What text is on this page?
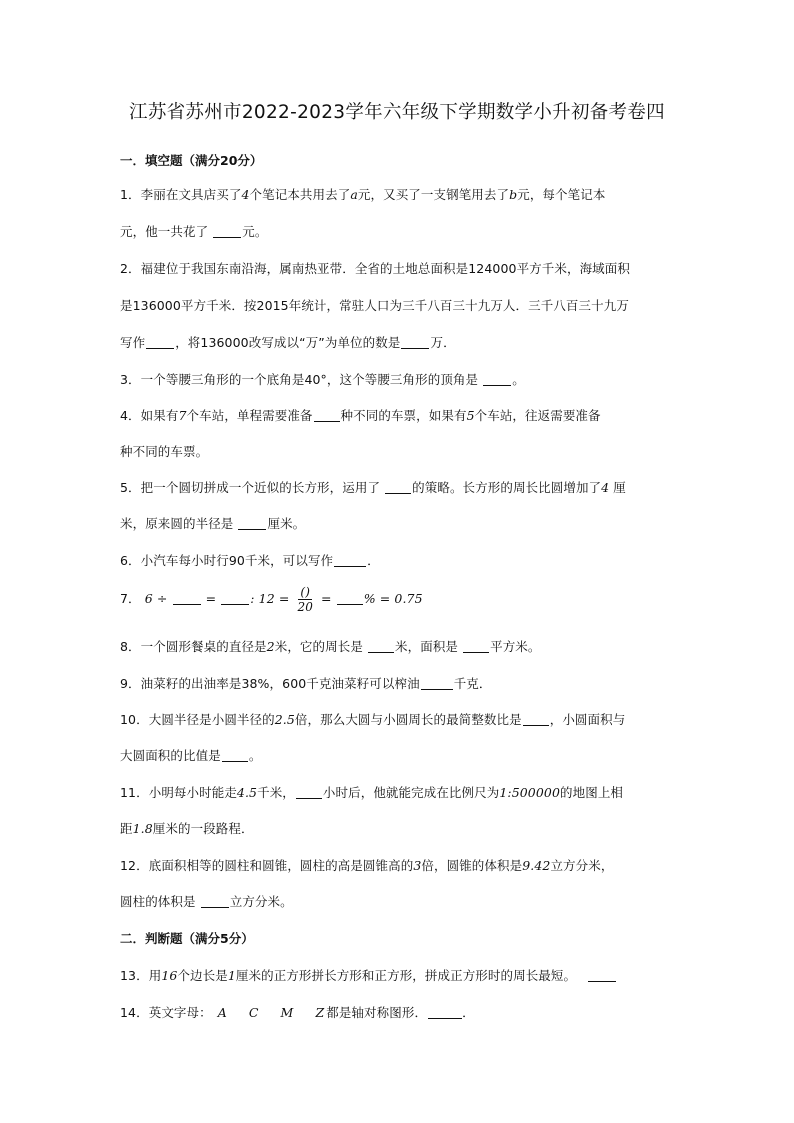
江苏省苏州市2022-2023学年六年级下学期数学小升初备考卷四
一．填空题（满分20分）
1．李丽在文具店买了4个笔记本共用去了a元，又买了一支钢笔用去了b元，每个笔记本
元，他一共花了	元。
2．福建位于我国东南沿海，属南热亚带．全省的土地总面积是124000平方千米，海域面积
是136000平方千米．按2015年统计，常驻人口为三千八百三十九万人．三千八百三十九万
写作 ，将136000改写成以“万”为单位的数是 万．
3．一个等腰三角形的一个底角是40°，这个等腰三角形的顶角是	。
4．如果有7个车站，单程需要准备 种不同的车票，如果有5个车站，往返需要准备
种不同的车票。
5．把一个圆切拼成一个近似的长方形，运用了	的策略。长方形的周长比圆增加了4 厘
米，原来圆的半径是	厘米。
6．小汽车每小时行90千米，可以写作	．
7． 6 ÷	=	: $12 = \frac{()}{20}$ =	% = 0.75
8．一个圆形餐桌的直径是2米，它的周长是	米，面积是	平方米。
9．油菜籽的出油率是38%，600千克油菜籽可以榨油	千克．
10．大圆半径是小圆半径的2.5倍，那么大圆与小圆周长的最简整数比是 ，小圆面积与
大圆面积的比值是 。
11．小明每小时能走4.5千米， 小时后，他就能完成在比例尺为1:500000的地图上相
距1.8厘米的一段路程．
12．底面积相等的圆柱和圆锥，圆柱的高是圆锥高的3倍，圆锥的体积是9.42立方分米，
圆柱的体积是	立方分米。
二．判断题（满分5分）
13．用16个边长是1厘米的正方形拼长方形和正方形，拼成正方形时的周长最短。
14．英文字母： A C M Z 都是轴对称图形．	．
